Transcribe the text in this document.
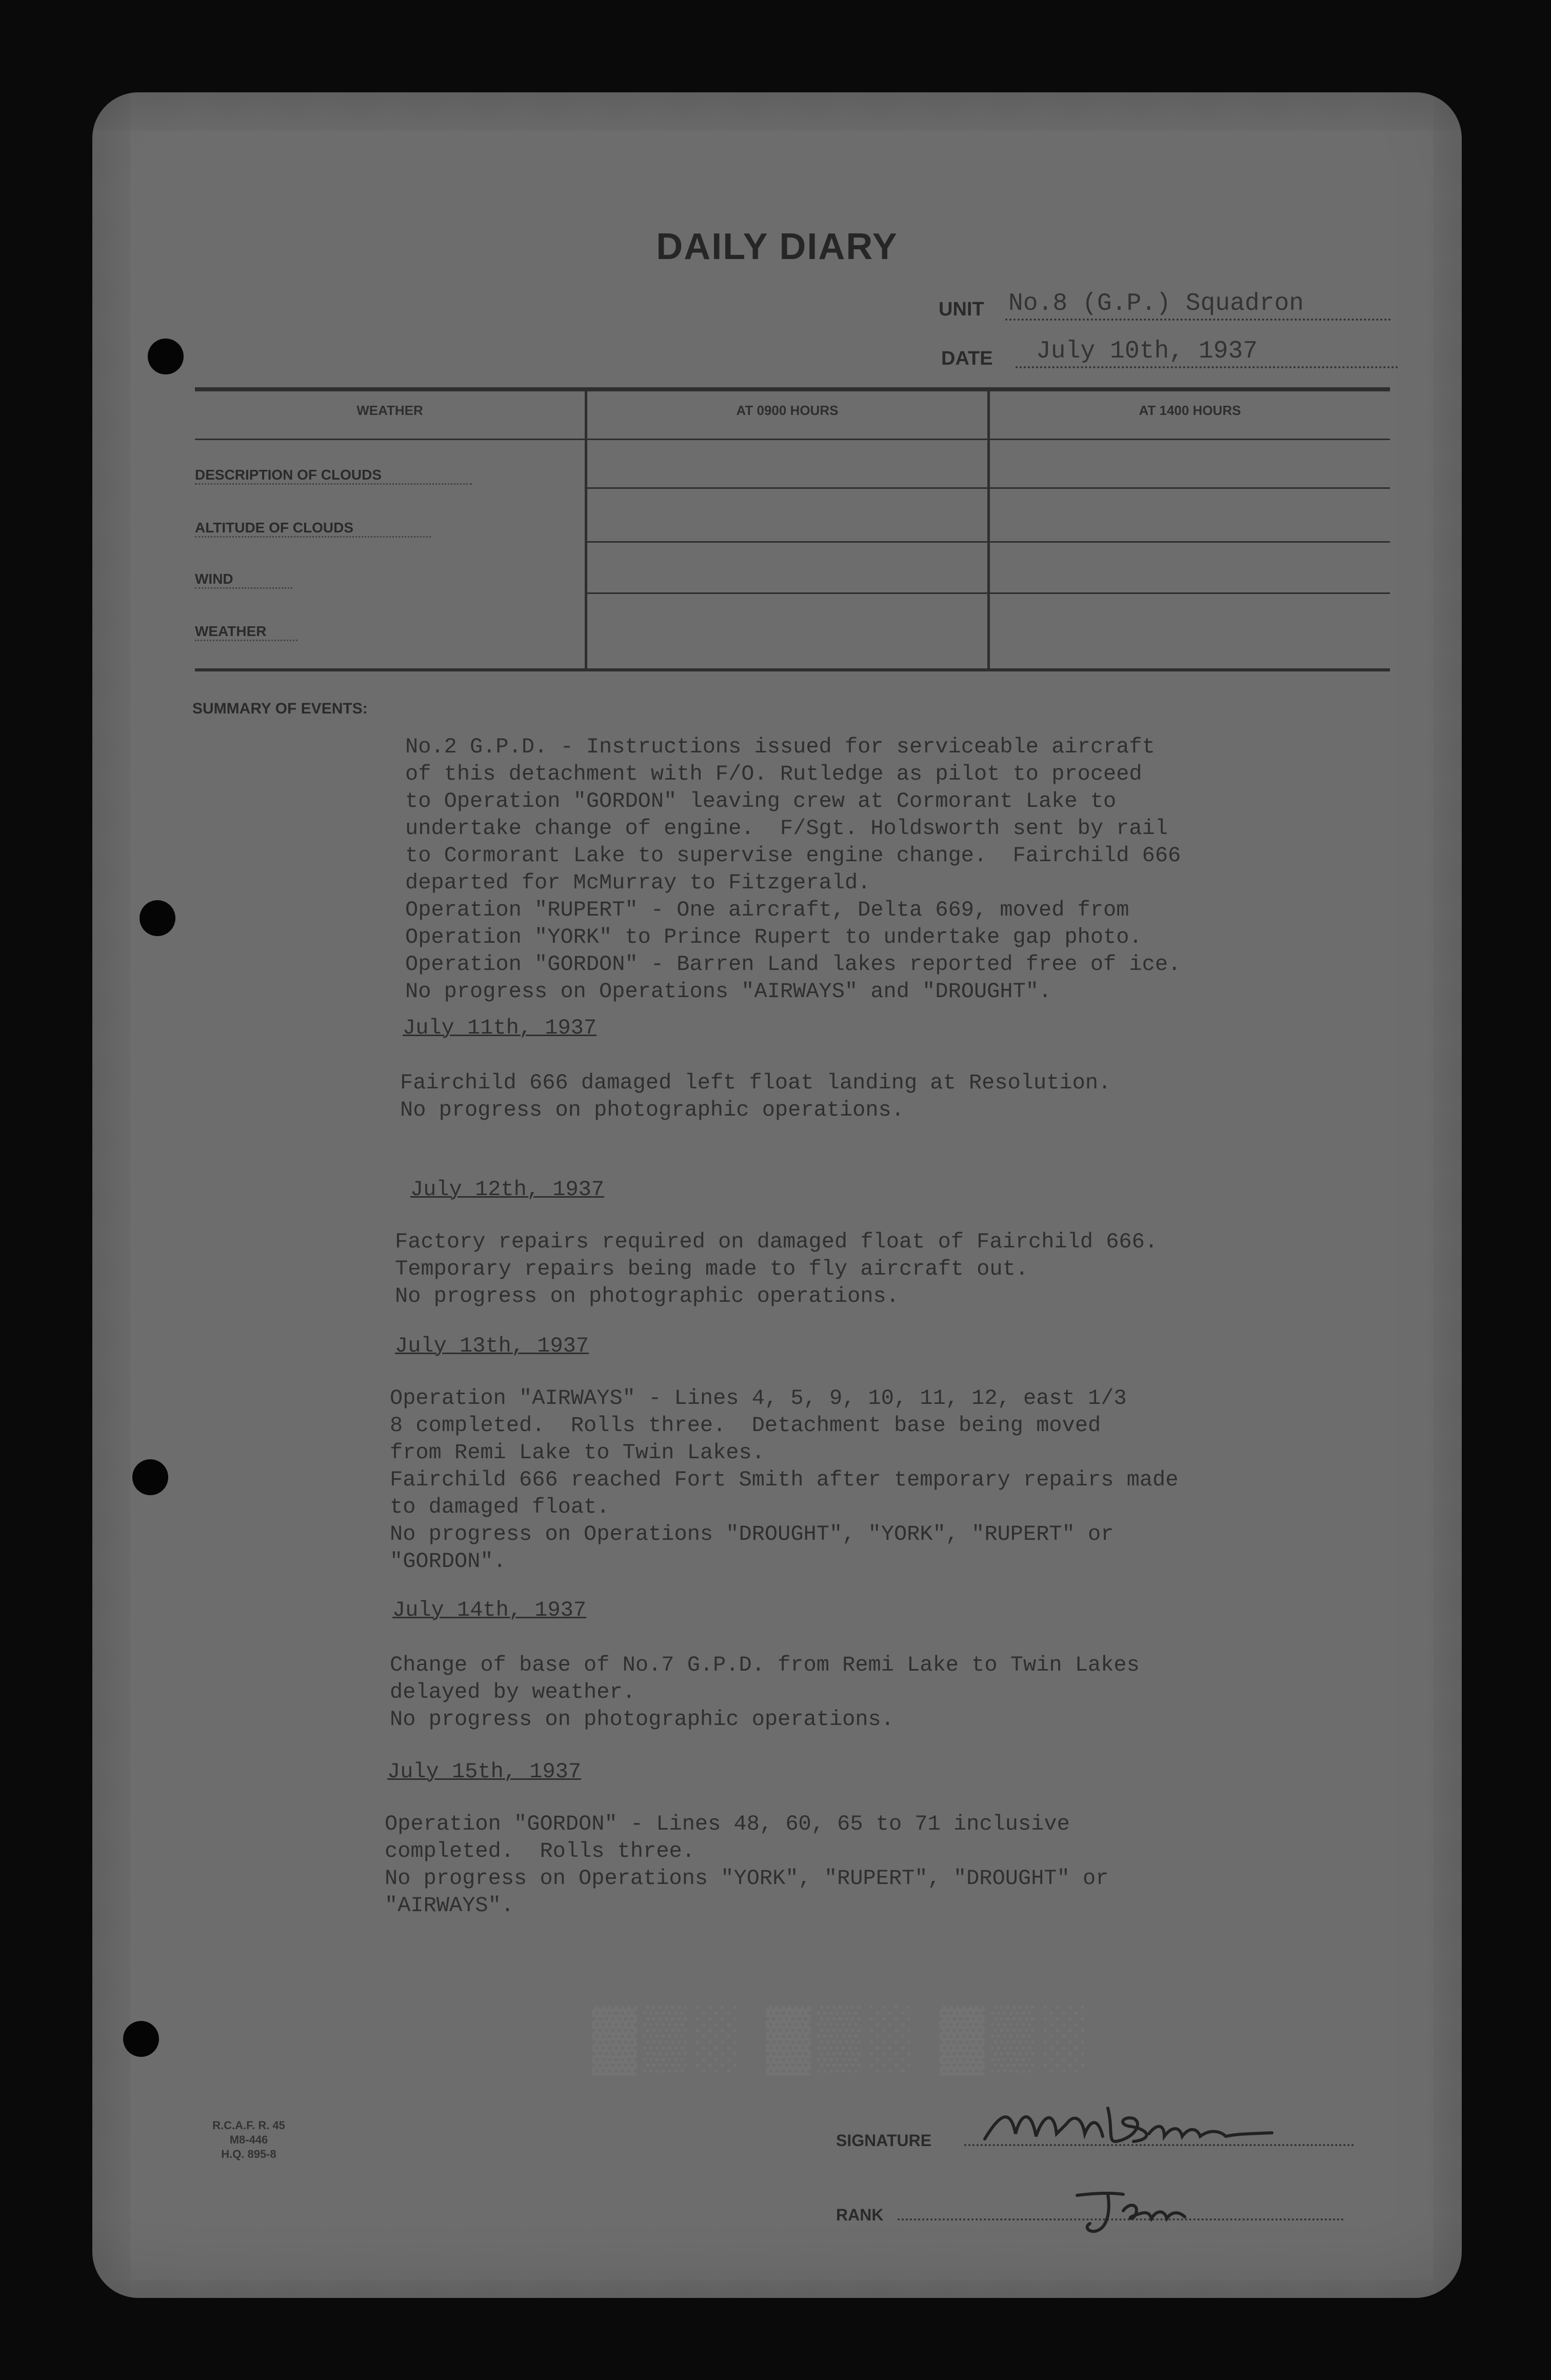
DAILY DIARY
UNIT No.8 (G.P.) Squadron
DATE	July 10th, 1937
WEATHER	AT 0900 HOURS	AT 1400 HOURS
DESCRIPTION OF CLOUDS
ALTITUDE OF CLOUDS
WIND
WEATHER
SUMMARY OF EVENTS:
No.2 G.P.D. - Instructions issued for serviceable aircraft
of this detachment with F/O. Rutledge as pilot to proceed
to Operation "GORDON" leaving crew at Cormorant Lake to
undertake change of engine.  F/Sgt. Holdsworth sent by rail
to Cormorant Lake to supervise engine change.  Fairchild 666
departed for McMurray to Fitzgerald.
Operation "RUPERT" - One aircraft, Delta 669, moved from
Operation "YORK" to Prince Rupert to undertake gap photo.
Operation "GORDON" - Barren Land lakes reported free of ice.
No progress on Operations "AIRWAYS" and "DROUGHT".
July 11th, 1937
Fairchild 666 damaged left float landing at Resolution.
No progress on photographic operations.
July 12th, 1937
Factory repairs required on damaged float of Fairchild 666.
Temporary repairs being made to fly aircraft out.
No progress on photographic operations.
July 13th, 1937
Operation "AIRWAYS" - Lines 4, 5, 9, 10, 11, 12, east 1/3
8 completed.  Rolls three.  Detachment base being moved
from Remi Lake to Twin Lakes.
Fairchild 666 reached Fort Smith after temporary repairs made
to damaged float.
No progress on Operations "DROUGHT", "YORK", "RUPERT" or
"GORDON".
July 14th, 1937
Change of base of No.7 G.P.D. from Remi Lake to Twin Lakes
delayed by weather.
No progress on photographic operations.
July 15th, 1937
Operation "GORDON" - Lines 48, 60, 65 to 71 inclusive
completed.  Rolls three.
No progress on Operations "YORK", "RUPERT", "DROUGHT" or
"AIRWAYS".
▓▒░ ▓▒░ ▓▒░
R.C.A.F. R. 45
M8-446
H.Q. 895-8
SIGNATURE
RANK
